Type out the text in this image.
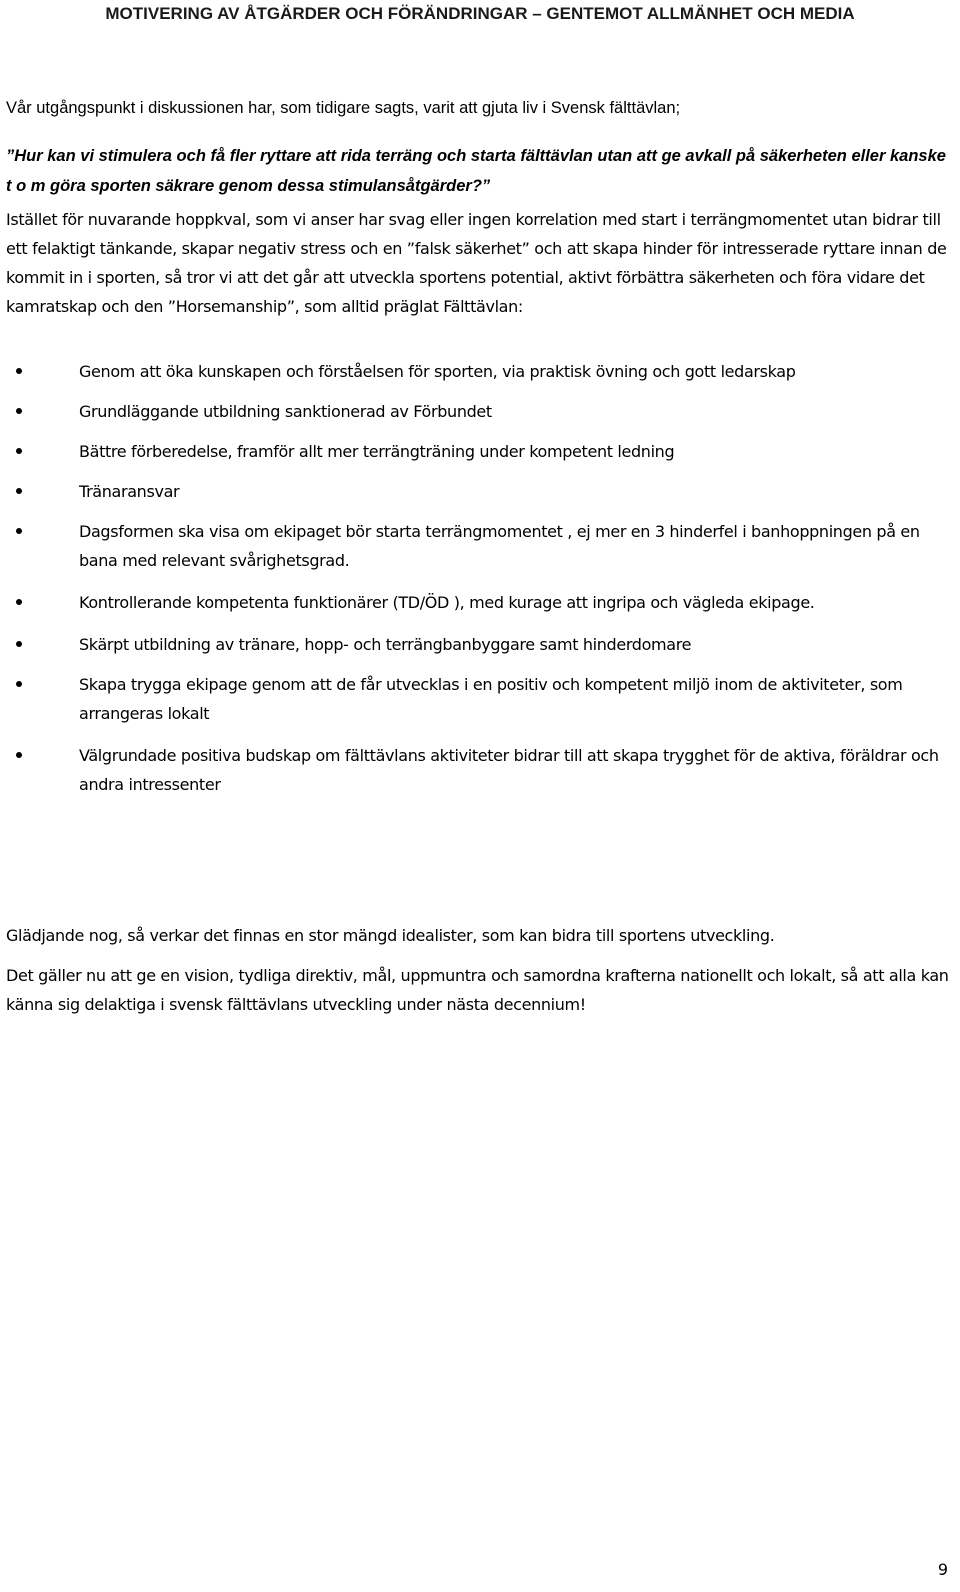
MOTIVERING AV ÅTGÄRDER OCH FÖRÄNDRINGAR – GENTEMOT ALLMÄNHET OCH MEDIA
Vår utgångspunkt i diskussionen har, som tidigare sagts, varit att gjuta liv i Svensk fälttävlan;
”Hur kan vi stimulera och få fler ryttare att rida terräng och starta fälttävlan utan att ge avkall på säkerheten eller kanske t o m göra sporten säkrare genom dessa stimulansåtgärder?”
Istället för nuvarande hoppkval, som vi anser har svag eller ingen korrelation med start i terrängmomentet utan bidrar till ett felaktigt tänkande, skapar negativ stress och en ”falsk säkerhet” och att skapa hinder för intresserade ryttare innan de kommit in i sporten, så tror vi att det går att utveckla sportens potential, aktivt förbättra säkerheten och föra vidare det kamratskap och den ”Horsemanship”, som alltid präglat Fälttävlan:
Genom att öka kunskapen och förståelsen för sporten, via praktisk övning och gott ledarskap
Grundläggande utbildning sanktionerad av Förbundet
Bättre förberedelse, framför allt mer terrängträning under kompetent ledning
Tränaransvar
Dagsformen ska visa om ekipaget bör starta terrängmomentet , ej mer en 3 hinderfel i banhoppningen på en bana med relevant svårighetsgrad.
Kontrollerande kompetenta funktionärer (TD/ÖD ), med kurage att ingripa och vägleda ekipage.
Skärpt utbildning av tränare, hopp- och terrängbanbyggare samt hinderdomare
Skapa trygga ekipage genom att de får utvecklas i en positiv och kompetent miljö inom de aktiviteter, som arrangeras lokalt
Välgrundade positiva budskap om fälttävlans aktiviteter bidrar till att skapa trygghet för de aktiva, föräldrar och andra intressenter
Glädjande nog, så verkar det finnas en stor mängd idealister, som kan bidra till sportens utveckling.
Det gäller nu att ge en vision, tydliga direktiv, mål, uppmuntra och samordna krafterna nationellt och lokalt, så att alla kan känna sig delaktiga i svensk fälttävlans utveckling under nästa decennium!
9
